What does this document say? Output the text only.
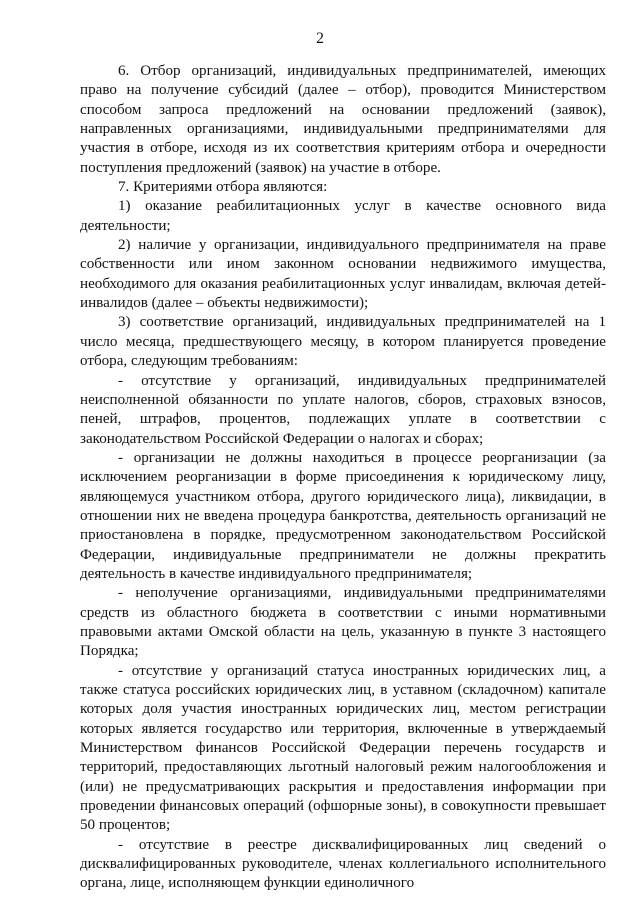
2

6. Отбор организаций, индивидуальных предпринимателей, имеющих право на получение субсидий (далее – отбор), проводится Министерством способом запроса предложений на основании предложений (заявок), направленных организациями, индивидуальными предпринимателями для участия в отборе, исходя из их соответствия критериям отбора и очередности поступления предложений (заявок) на участие в отборе.

7. Критериями отбора являются:

1) оказание реабилитационных услуг в качестве основного вида деятельности;

2) наличие у организации, индивидуального предпринимателя на праве собственности или ином законном основании недвижимого имущества, необходимого для оказания реабилитационных услуг инвалидам, включая детей-инвалидов (далее – объекты недвижимости);

3) соответствие организаций, индивидуальных предпринимателей на 1 число месяца, предшествующего месяцу, в котором планируется проведение отбора, следующим требованиям:

- отсутствие у организаций, индивидуальных предпринимателей неисполненной обязанности по уплате налогов, сборов, страховых взносов, пеней, штрафов, процентов, подлежащих уплате в соответствии с законодательством Российской Федерации о налогах и сборах;

- организации не должны находиться в процессе реорганизации (за исключением реорганизации в форме присоединения к юридическому лицу, являющемуся участником отбора, другого юридического лица), ликвидации, в отношении них не введена процедура банкротства, деятельность организаций не приостановлена в порядке, предусмотренном законодательством Российской Федерации, индивидуальные предприниматели не должны прекратить деятельность в качестве индивидуального предпринимателя;

- неполучение организациями, индивидуальными предпринимателями средств из областного бюджета в соответствии с иными нормативными правовыми актами Омской области на цель, указанную в пункте 3 настоящего Порядка;

- отсутствие у организаций статуса иностранных юридических лиц, а также статуса российских юридических лиц, в уставном (складочном) капитале которых доля участия иностранных юридических лиц, местом регистрации которых является государство или территория, включенные в утверждаемый Министерством финансов Российской Федерации перечень государств и территорий, предоставляющих льготный налоговый режим налогообложения и (или) не предусматривающих раскрытия и предоставления информации при проведении финансовых операций (офшорные зоны), в совокупности превышает 50 процентов;

- отсутствие в реестре дисквалифицированных лиц сведений о дисквалифицированных руководителе, членах коллегиального исполнительного органа, лице, исполняющем функции единоличного
